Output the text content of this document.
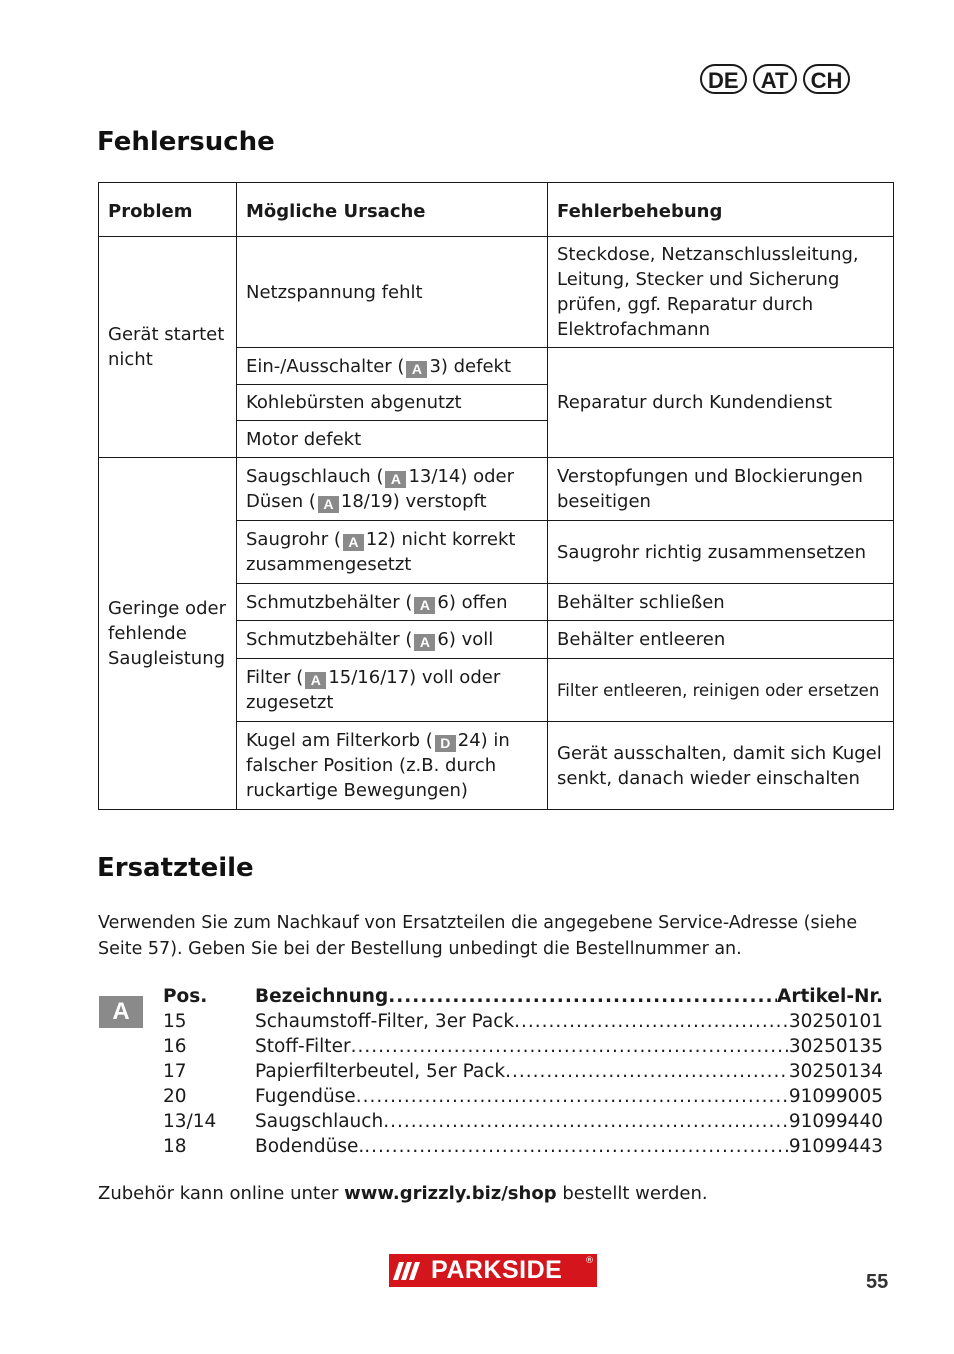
DE	AT	CH
Fehlersuche
Problem	Mögliche Ursache	Fehlerbehebung
Gerät startet nicht	Netzspannung fehlt	Steckdose, Netzanschlussleitung, Leitung, Stecker und Sicherung prüfen, ggf. Reparatur durch Elektrofachmann
	Ein-/Ausschalter ( A 3) defekt	Reparatur durch Kundendienst
	Kohlebürsten abgenutzt	
	Motor defekt	
Geringe oder fehlende Saugleistung	Saugschlauch ( A 13/14) oder Düsen ( A 18/19) verstopft	Verstopfungen und Blockierungen beseitigen
	Saugrohr ( A 12) nicht korrekt zusammengesetzt	Saugrohr richtig zusammensetzen
	Schmutzbehälter ( A 6) offen	Behälter schließen
	Schmutzbehälter ( A 6) voll	Behälter entleeren
	Filter ( A 15/16/17) voll oder zugesetzt	Filter entleeren, reinigen oder ersetzen
	Kugel am Filterkorb ( D 24) in falscher Position (z.B. durch ruckartige Bewegungen)	Gerät ausschalten, damit sich Kugel senkt, danach wieder einschalten
Ersatzteile

Verwenden Sie zum Nachkauf von Ersatzteilen die angegebene Service-Adresse (siehe Seite 57). Geben Sie bei der Bestellung unbedingt die Bestellnummer an.

A
Pos.	Bezeichnung .....	Artikel-Nr.
15	Schaumstoff-Filter, 3er Pack .....	30250101
16	Stoff-Filter .....	30250135
17	Papierfilterbeutel, 5er Pack .....	30250134
20	Fugendüse .....	91099005
13/14	Saugschlauch .....	91099440
18	Bodendüse. .....	91099443

Zubehör kann online unter www.grizzly.biz/shop bestellt werden.

PARKSIDE	®
55
